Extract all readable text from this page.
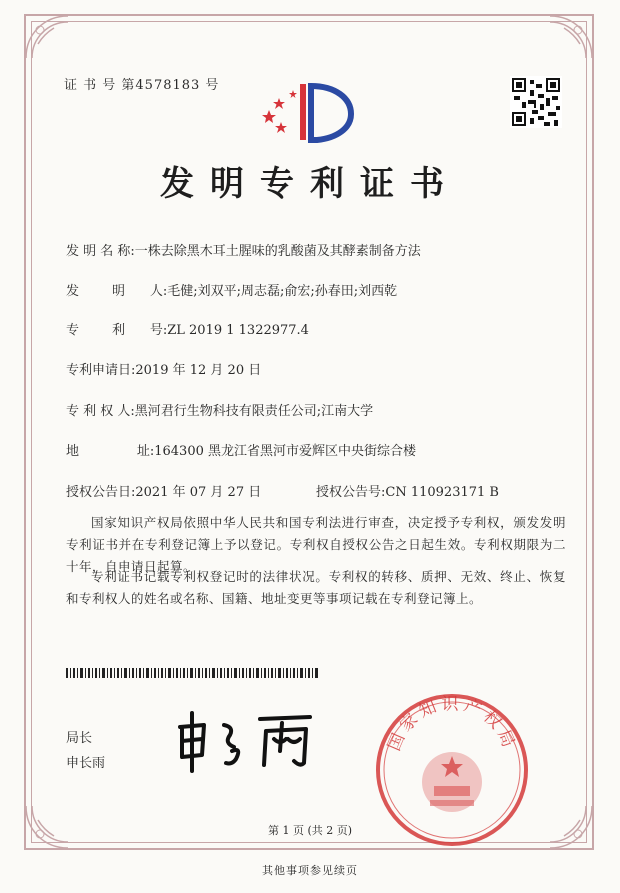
证 书 号 第4578183 号
发明专利证书
发 明 名 称:一株去除黑木耳土腥味的乳酸菌及其酵素制备方法
发        明      人:毛健;刘双平;周志磊;俞宏;孙春田;刘西乾
专        利      号:ZL 2019 1 1322977.4
专利申请日:2019 年 12 月 20 日
专 利 权 人:黑河君行生物科技有限责任公司;江南大学
地              址:164300 黑龙江省黑河市爱辉区中央街综合楼
授权公告日:2021 年 07 月 27 日	授权公告号:CN 110923171 B
国家知识产权局依照中华人民共和国专利法进行审查，决定授予专利权，颁发发明专利证书并在专利登记簿上予以登记。专利权自授权公告之日起生效。专利权期限为二十年，自申请日起算。
专利证书记载专利权登记时的法律状况。专利权的转移、质押、无效、终止、恢复和专利权人的姓名或名称、国籍、地址变更等事项记载在专利登记簿上。
局长
申长雨
国家知识产权局
第 1 页 (共 2 页)
其他事项参见续页
